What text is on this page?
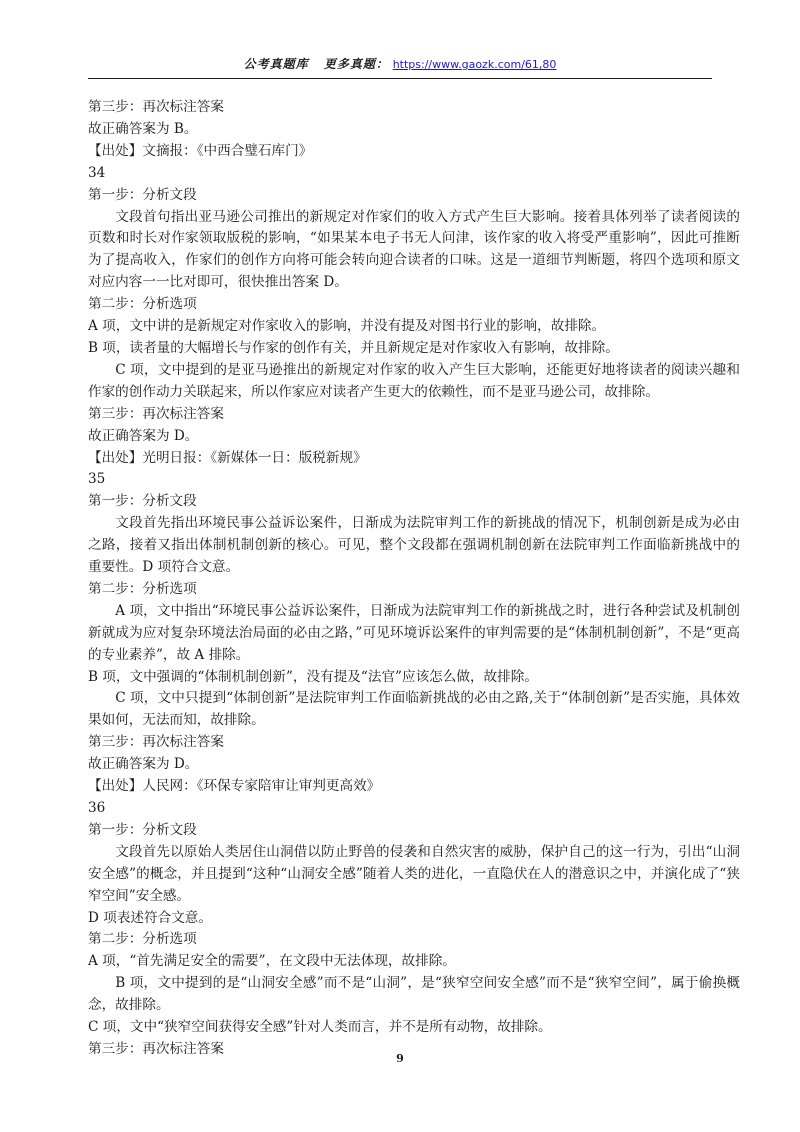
公考真题库 更多真题： https://www.gaozk.com/61,80

第三步：再次标注答案

故正确答案为 B。

【出处】文摘报：《中西合璧石库门》

34

第一步：分析文段

文段首句指出亚马逊公司推出的新规定对作家们的收入方式产生巨大影响。接着具体列举了读者阅读的页数和时长对作家领取版税的影响，“如果某本电子书无人问津，该作家的收入将受严重影响”，因此可推断为了提高收入，作家们的创作方向将可能会转向迎合读者的口味。这是一道细节判断题，将四个选项和原文对应内容一一比对即可，很快推出答案 D。

第二步：分析选项

A 项，文中讲的是新规定对作家收入的影响，并没有提及对图书行业的影响，故排除。

B 项，读者量的大幅增长与作家的创作有关，并且新规定是对作家收入有影响，故排除。

C 项，文中提到的是亚马逊推出的新规定对作家的收入产生巨大影响，还能更好地将读者的阅读兴趣和作家的创作动力关联起来，所以作家应对读者产生更大的依赖性，而不是亚马逊公司，故排除。

第三步：再次标注答案

故正确答案为 D。

【出处】光明日报：《新媒体一日：版税新规》

35

第一步：分析文段

文段首先指出环境民事公益诉讼案件，日渐成为法院审判工作的新挑战的情况下，机制创新是成为必由之路，接着又指出体制机制创新的核心。可见，整个文段都在强调机制创新在法院审判工作面临新挑战中的重要性。D 项符合文意。

第二步：分析选项

A 项，文中指出“环境民事公益诉讼案件，日渐成为法院审判工作的新挑战之时，进行各种尝试及机制创新就成为应对复杂环境法治局面的必由之路，”可见环境诉讼案件的审判需要的是“体制机制创新”，不是“更高的专业素养”，故 A 排除。

B 项，文中强调的“体制机制创新”，没有提及“法官”应该怎么做，故排除。

C 项，文中只提到“体制创新”是法院审判工作面临新挑战的必由之路,关于“体制创新”是否实施，具体效果如何，无法而知，故排除。

第三步：再次标注答案

故正确答案为 D。

【出处】人民网：《环保专家陪审让审判更高效》

36

第一步：分析文段

文段首先以原始人类居住山洞借以防止野兽的侵袭和自然灾害的威胁，保护自己的这一行为，引出“山洞安全感”的概念，并且提到“这种“山洞安全感”随着人类的进化，一直隐伏在人的潜意识之中，并演化成了“狭窄空间”安全感。

D 项表述符合文意。

第二步：分析选项

A 项，“首先满足安全的需要”，在文段中无法体现，故排除。

B 项，文中提到的是“山洞安全感”而不是“山洞”，是“狭窄空间安全感”而不是“狭窄空间”，属于偷换概念，故排除。

C 项，文中“狭窄空间获得安全感”针对人类而言，并不是所有动物，故排除。

第三步：再次标注答案

9
